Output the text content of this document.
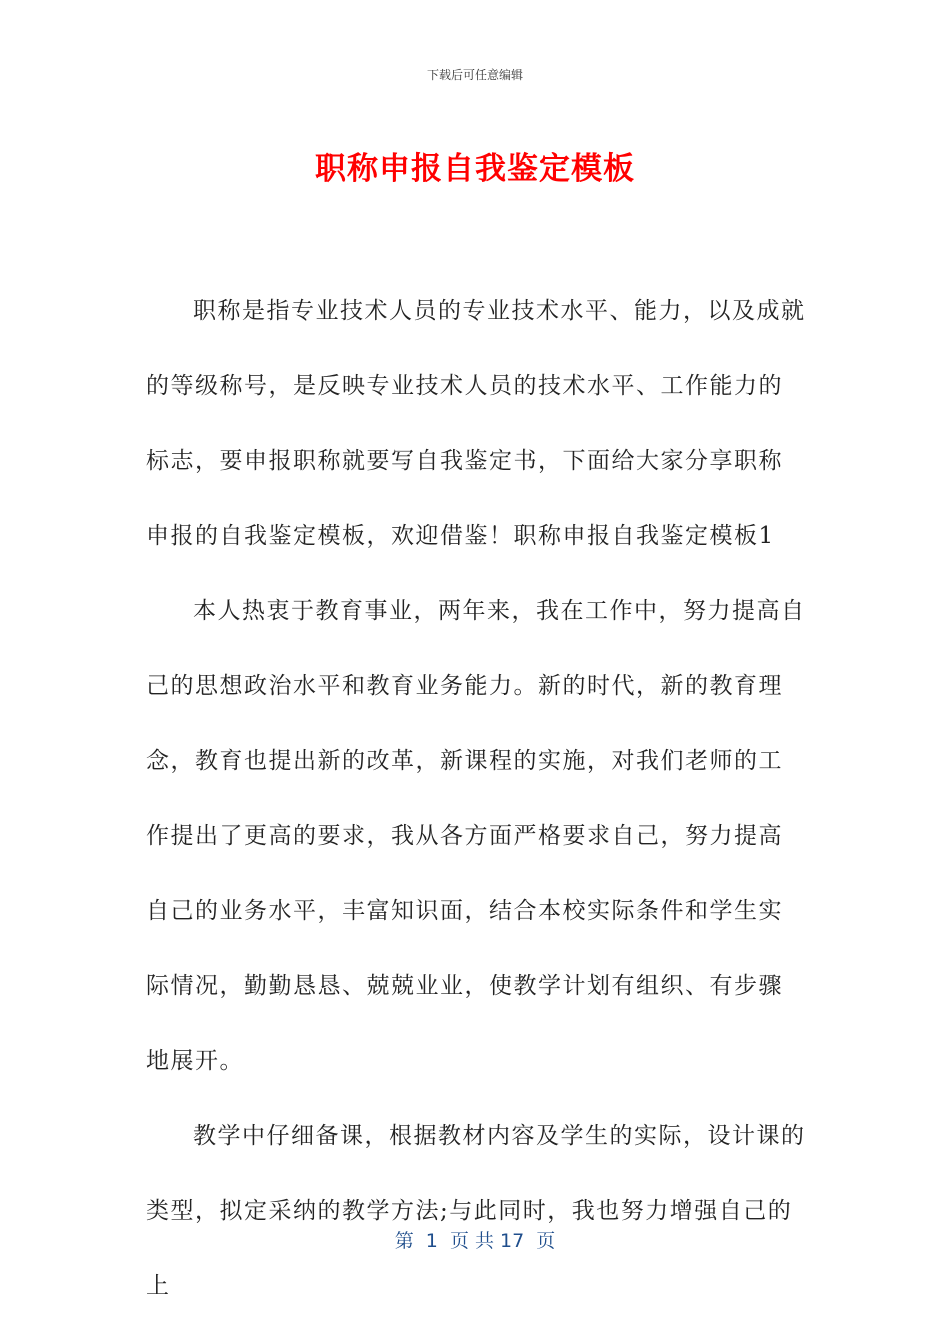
下载后可任意编辑
职称申报自我鉴定模板

职称是指专业技术人员的专业技术水平、能力，以及成就的等级称号，是反映专业技术人员的技术水平、工作能力的标志，要申报职称就要写自我鉴定书，下面给大家分享职称申报的自我鉴定模板，欢迎借鉴！职称申报自我鉴定模板1

本人热衷于教育事业，两年来，我在工作中，努力提高自己的思想政治水平和教育业务能力。新的时代，新的教育理念，教育也提出新的改革，新课程的实施，对我们老师的工作提出了更高的要求，我从各方面严格要求自己，努力提高自己的业务水平，丰富知识面，结合本校实际条件和学生实际情况，勤勤恳恳、兢兢业业，使教学计划有组织、有步骤地展开。

教学中仔细备课，根据教材内容及学生的实际，设计课的类型，拟定采纳的教学方法;与此同时，我也努力增强自己的上

第  1  页 共 17  页
